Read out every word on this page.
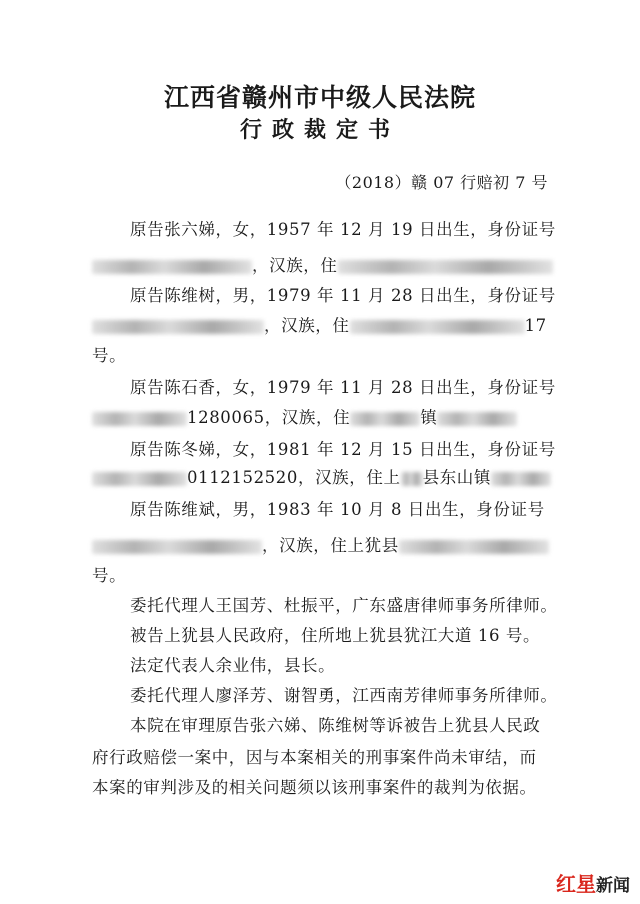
江西省赣州市中级人民法院
行政裁定书
（2018）赣 07 行赔初 7 号
原告张六娣，女，1957 年 12 月 19 日出生，身份证号
，汉族，住
原告陈维树，男，1979 年 11 月 28 日出生，身份证号
，汉族，住	17
号。
原告陈石香，女，1979 年 11 月 28 日出生，身份证号
1280065，汉族，住	镇
原告陈冬娣，女，1981 年 12 月 15 日出生，身份证号
0112152520，汉族，住上 县东山镇
原告陈维斌，男，1983 年 10 月 8 日出生，身份证号
，汉族，住上犹县
号。
委托代理人王国芳、杜振平，广东盛唐律师事务所律师。
被告上犹县人民政府，住所地上犹县犹江大道 16 号。
法定代表人余业伟，县长。
委托代理人廖泽芳、谢智勇，江西南芳律师事务所律师。
本院在审理原告张六娣、陈维树等诉被告上犹县人民政
府行政赔偿一案中，因与本案相关的刑事案件尚未审结，而
本案的审判涉及的相关问题须以该刑事案件的裁判为依据。
红星新闻
